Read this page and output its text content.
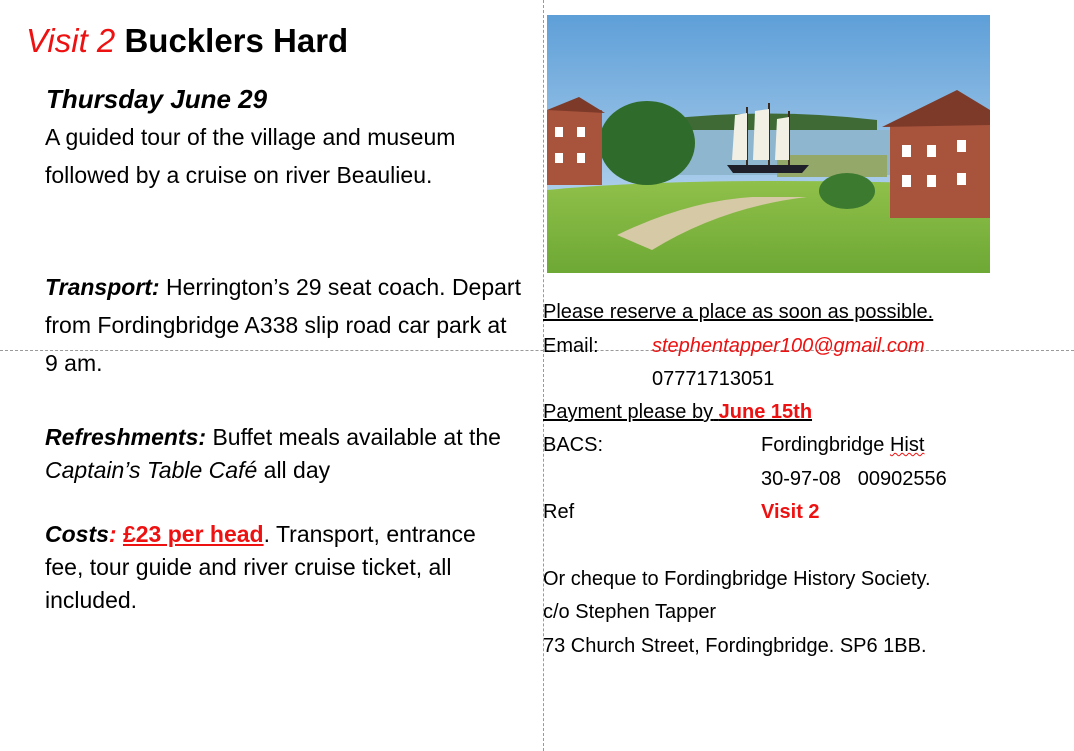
Visit 2 Bucklers Hard
Thursday June 29
A guided tour of the village and museum followed by a cruise on river Beaulieu.
Transport: Herrington’s 29 seat coach. Depart from Fordingbridge A338 slip road car park at 9 am.
Refreshments: Buffet meals available at the Captain’s Table Café all day
Costs: £23 per head. Transport, entrance fee, tour guide and river cruise ticket, all included.
Please reserve a place as soon as possible.
Email:	stephentapper100@gmail.com
07771713051
Payment please by June 15th
BACS:	Fordingbridge Hist
30-97-08 00902556
Ref	Visit 2
Or cheque to Fordingbridge History Society.
c/o Stephen Tapper
73 Church Street, Fordingbridge. SP6 1BB.
